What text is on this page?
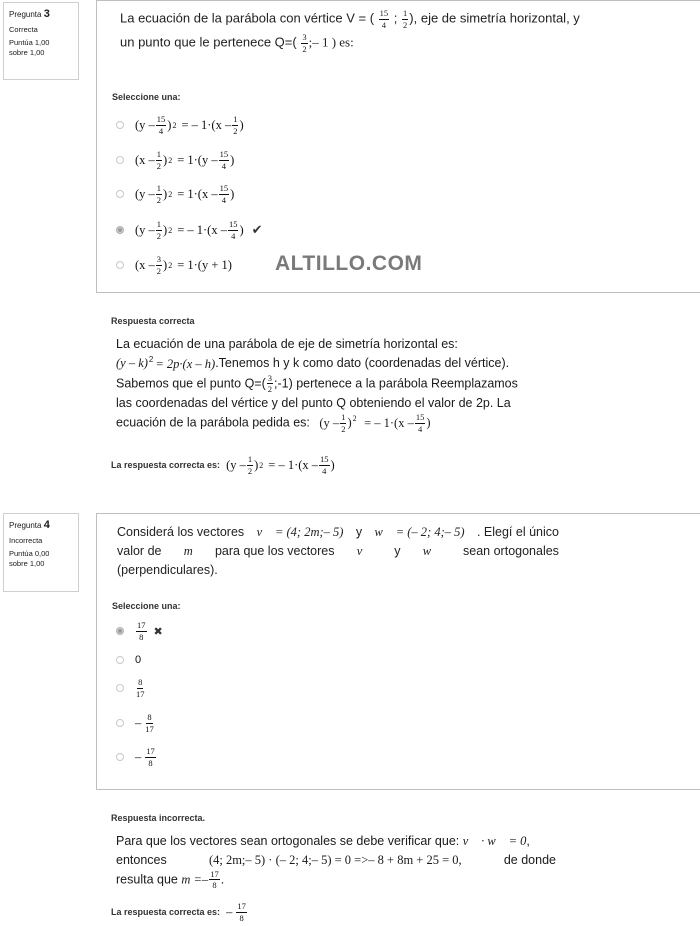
Pregunta 3
Correcta
Puntúa 1,00
sobre 1,00
La ecuación de la parábola con vértice V = ( $\frac{15}{4}$ ; $\frac{1}{2}$ ), eje de simetría horizontal, y
un punto que le pertenece $Q=( \frac{3}{2}$ ;– 1 ) es:
Seleccione una:
($y - \frac{15}{4}$ ) 2 = – $1\cdot(x - \frac{1}{2}$ )
($x - \frac{1}{2}$ ) $2 = 1\cdot(y - \frac{15}{4}$ )
($y - \frac{1}{2}$ ) $2 = 1\cdot(x - \frac{15}{4}$ )
($y - \frac{1}{2}$ ) 2 = – $1\cdot(x - \frac{15}{4}$ ) ✔
($x - \frac{3}{2}$ ) 2 = 1·(y + 1) ALTILLO.COM
Respuesta correcta
La ecuación de una parábola de eje de simetría horizontal es:
(y – k)$^2$ = 2p·(x – h).Tenemos h y k como dato (coordenadas del vértice).
Sabemos que el punto $Q=( \frac{3}{2}$ ;-1) pertenece a la parábola Reemplazamos
las coordenadas del vértice y del punto Q obteniendo el valor de 2p. La
ecuación de la parábola pedida es: $(y - \frac{1}{2} )^2$ = – $1\cdot(x - \frac{15}{4}$ )
La respuesta correcta es: ($y - \frac{1}{2}$ ) 2 = – $1\cdot(x - \frac{15}{4}$ )
Pregunta 4
Incorrecta
Puntúa 0,00
sobre 1,00
Considerá los vectores v⃗ = (4; 2m;– 5) y w⃗ = (– 2; 4;– 5) . Elegí el único
valor de m para que los vectores v⃗ y w⃗ sean ortogonales
(perpendiculares).
Seleccione una:
$\frac{17}{8}$ ✖
0
$\frac{8}{17}$
– $\frac{8}{17}$
– $\frac{17}{8}$
Respuesta incorrecta.
Para que los vectores sean ortogonales se debe verificar que: v⃗ · w⃗ = 0,
entonces	(4; 2m;– 5) · (– 2; 4;– 5) = 0 =>– 8 + 8m + 25 = 0,	de donde
resulta que $m =- \frac{17}{8}$ .
La respuesta correcta es: – $\frac{17}{8}$
